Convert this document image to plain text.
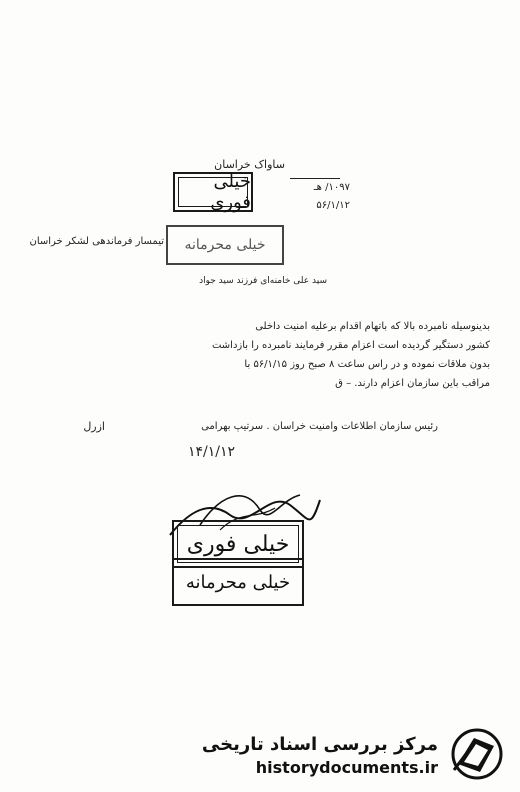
ساواک خراسان
۱۰۹۷/ هـ
۵۶/۱/۱۲
خیلی فوری
خیلی محرمانه
تیمسار فرماندهی لشکر خراسان
سید علی خامنه‌ای فرزند سید جواد
بدینوسیله نامبرده بالا که باتهام اقدام برعلیه امنیت داخلی
کشور دستگیر گردیده است اعزام مقرر فرمایند نامبرده را بازداشت
بدون ملاقات نموده و در راس ساعت ۸ صبح روز ۵۶/۱/۱۵ با
مراقب باین سازمان اعزام دارند. – ق
ازرل	رئیس سازمان اطلاعات وامنیت خراسان . سرتیپ بهرامی
۱۴/۱/۱۲
خیلی فوری
خیلی محرمانه
مرکز بررسی اسناد تاریخی
historydocuments.ir
